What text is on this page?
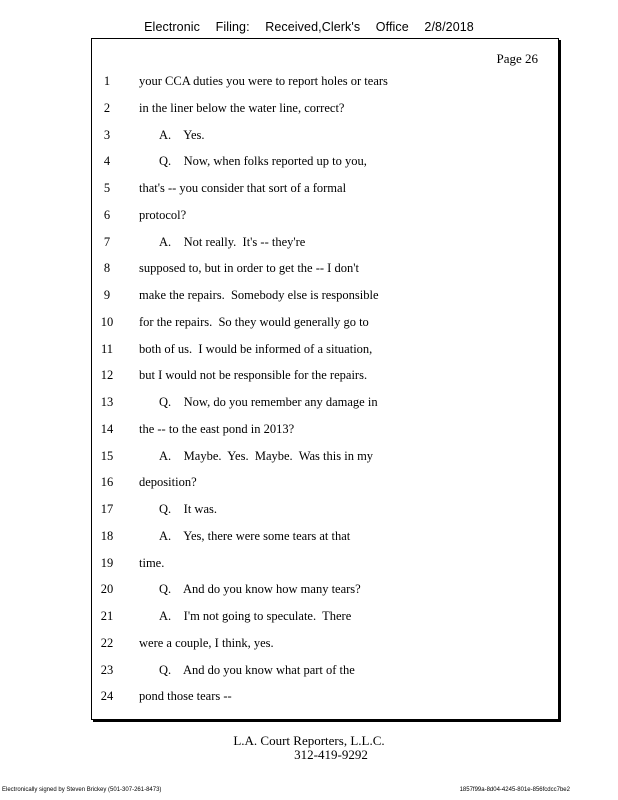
Electronic Filing: Received,Clerk's Office 2/8/2018
Page 26
1	your CCA duties you were to report holes or tears
2	in the liner below the water line, correct?
3	A.    Yes.
4	Q.    Now, when folks reported up to you,
5	that's -- you consider that sort of a formal
6	protocol?
7	A.    Not really.  It's -- they're
8	supposed to, but in order to get the -- I don't
9	make the repairs.  Somebody else is responsible
10	for the repairs.  So they would generally go to
11	both of us.  I would be informed of a situation,
12	but I would not be responsible for the repairs.
13	Q.    Now, do you remember any damage in
14	the -- to the east pond in 2013?
15	A.    Maybe.  Yes.  Maybe.  Was this in my
16	deposition?
17	Q.    It was.
18	A.    Yes, there were some tears at that
19	time.
20	Q.    And do you know how many tears?
21	A.    I'm not going to speculate.  There
22	were a couple, I think, yes.
23	Q.    And do you know what part of the
24	pond those tears --
L.A. Court Reporters, L.L.C.
312-419-9292
Electronically signed by Steven Brickey (501-307-261-8473)	1857f99a-8d04-4245-801e-856fcdcc7be2
